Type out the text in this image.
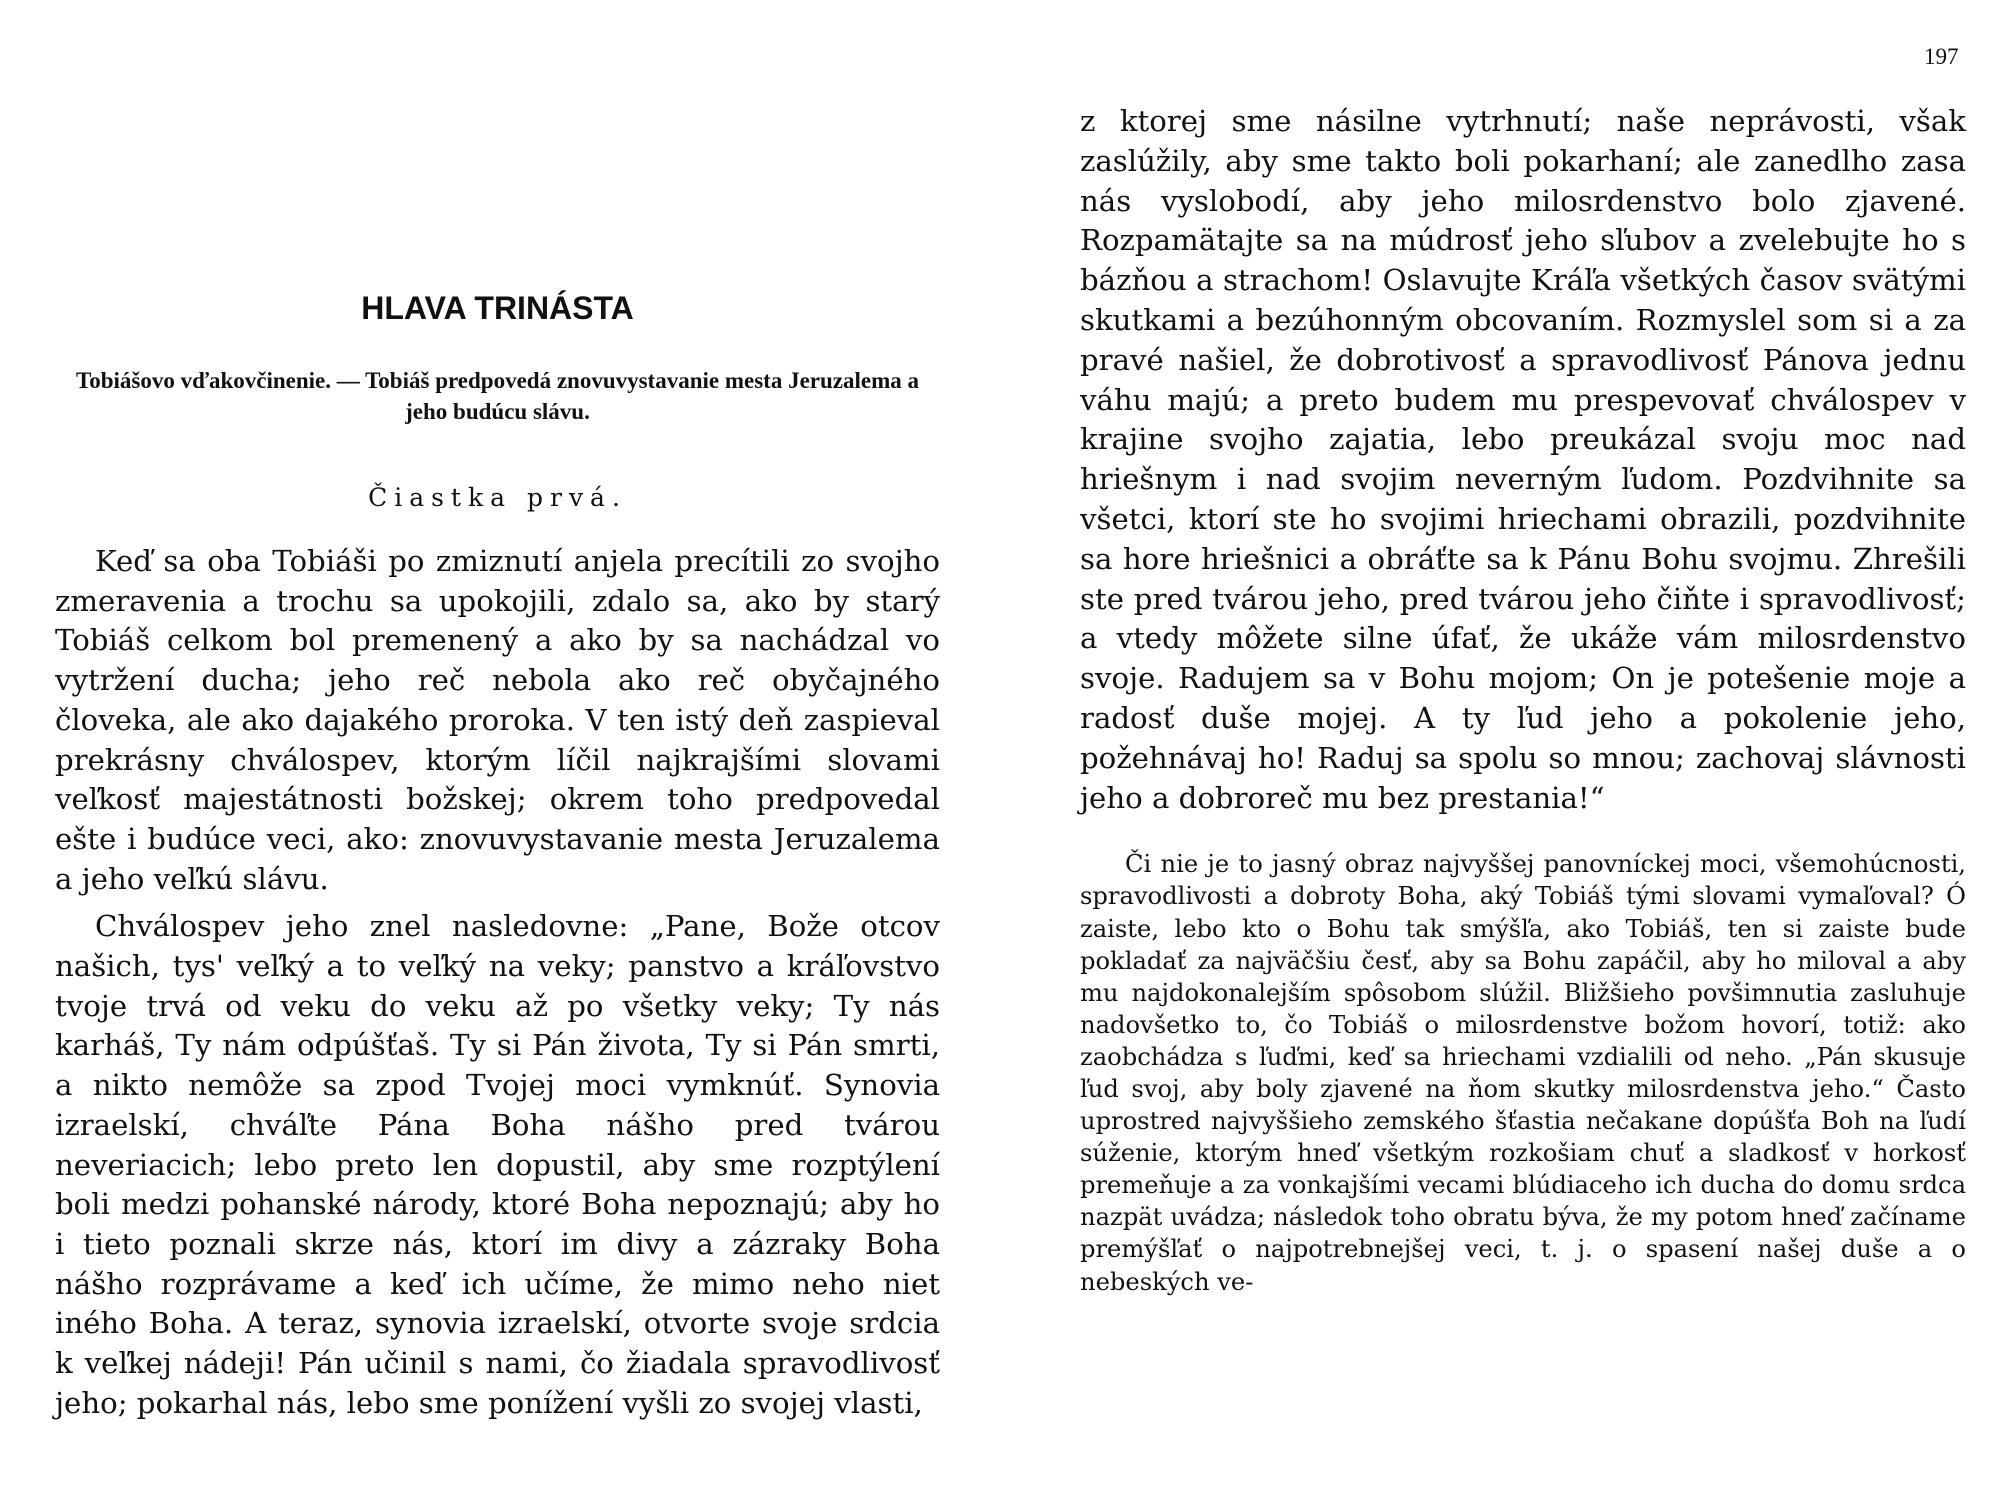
197
HLAVA TRINÁSTA

Tobiášovo vďakovčinenie. — Tobiáš predpovedá znovuvystavanie mesta Jeruzalema a jeho budúcu slávu.

Čiastka prvá.

Keď sa oba Tobiáši po zmiznutí anjela precítili zo svojho zmeravenia a trochu sa upokojili, zdalo sa, ako by starý Tobiáš celkom bol premenený a ako by sa nachádzal vo vytržení ducha; jeho reč nebola ako reč obyčajného človeka, ale ako dajakého proroka. V ten istý deň zaspieval prekrásny chválospev, ktorým líčil najkrajšími slovami veľkosť majestátnosti božskej; okrem toho predpovedal ešte i budúce veci, ako: znovuvystavanie mesta Jeruzalema a jeho veľkú slávu.

Chválospev jeho znel nasledovne: „Pane, Bože otcov našich, tys' veľký a to veľký na veky; panstvo a kráľovstvo tvoje trvá od veku do veku až po všetky veky; Ty nás karháš, Ty nám odpúšťaš. Ty si Pán života, Ty si Pán smrti, a nikto nemôže sa zpod Tvojej moci vymknúť. Synovia izraelskí, chváľte Pána Boha nášho pred tvárou neveriacich; lebo preto len dopustil, aby sme rozptýlení boli medzi pohanské národy, ktoré Boha nepoznajú; aby ho i tieto poznali skrze nás, ktorí im divy a zázraky Boha nášho rozprávame a keď ich učíme, že mimo neho niet iného Boha. A teraz, synovia izraelskí, otvorte svoje srdcia k veľkej nádeji! Pán učinil s nami, čo žiadala spravodlivosť jeho; pokarhal nás, lebo sme ponížení vyšli zo svojej vlasti,

z ktorej sme násilne vytrhnutí; naše neprávosti, však zaslúžily, aby sme takto boli pokarhaní; ale zanedlho zasa nás vyslobodí, aby jeho milosrdenstvo bolo zjavené. Rozpamätajte sa na múdrosť jeho sľubov a zvelebujte ho s bázňou a strachom! Oslavujte Kráľa všetkých časov svätými skutkami a bezúhonným obcovaním. Rozmyslel som si a za pravé našiel, že dobrotivosť a spravodlivosť Pánova jednu váhu majú; a preto budem mu prespevovať chválospev v krajine svojho zajatia, lebo preukázal svoju moc nad hriešnym i nad svojim neverným ľudom. Pozdvihnite sa všetci, ktorí ste ho svojimi hriechami obrazili, pozdvihnite sa hore hriešnici a obráťte sa k Pánu Bohu svojmu. Zhrešili ste pred tvárou jeho, pred tvárou jeho čiňte i spravodlivosť; a vtedy môžete silne úfať, že ukáže vám milosrdenstvo svoje. Radujem sa v Bohu mojom; On je potešenie moje a radosť duše mojej. A ty ľud jeho a pokolenie jeho, požehnávaj ho! Raduj sa spolu so mnou; zachovaj slávnosti jeho a dobroreč mu bez prestania!“

Či nie je to jasný obraz najvyššej panovníckej moci, všemohúcnosti, spravodlivosti a dobroty Boha, aký Tobiáš tými slovami vymaľoval? Ó zaiste, lebo kto o Bohu tak smýšľa, ako Tobiáš, ten si zaiste bude pokladať za najväčšiu česť, aby sa Bohu zapáčil, aby ho miloval a aby mu najdokonalejším spôsobom slúžil. Bližšieho povšimnutia zasluhuje nadovšetko to, čo Tobiáš o milosrdenstve božom hovorí, totiž: ako zaobchádza s ľuďmi, keď sa hriechami vzdialili od neho. „Pán skusuje ľud svoj, aby boly zjavené na ňom skutky milosrdenstva jeho.“ Často uprostred najvyššieho zemského šťastia nečakane dopúšťa Boh na ľudí súženie, ktorým hneď všetkým rozkošiam chuť a sladkosť v horkosť premeňuje a za vonkajšími vecami blúdiaceho ich ducha do domu srdca nazpät uvádza; následok toho obratu býva, že my potom hneď začíname premýšľať o najpotrebnejšej veci, t. j. o spasení našej duše a o nebeských ve-
